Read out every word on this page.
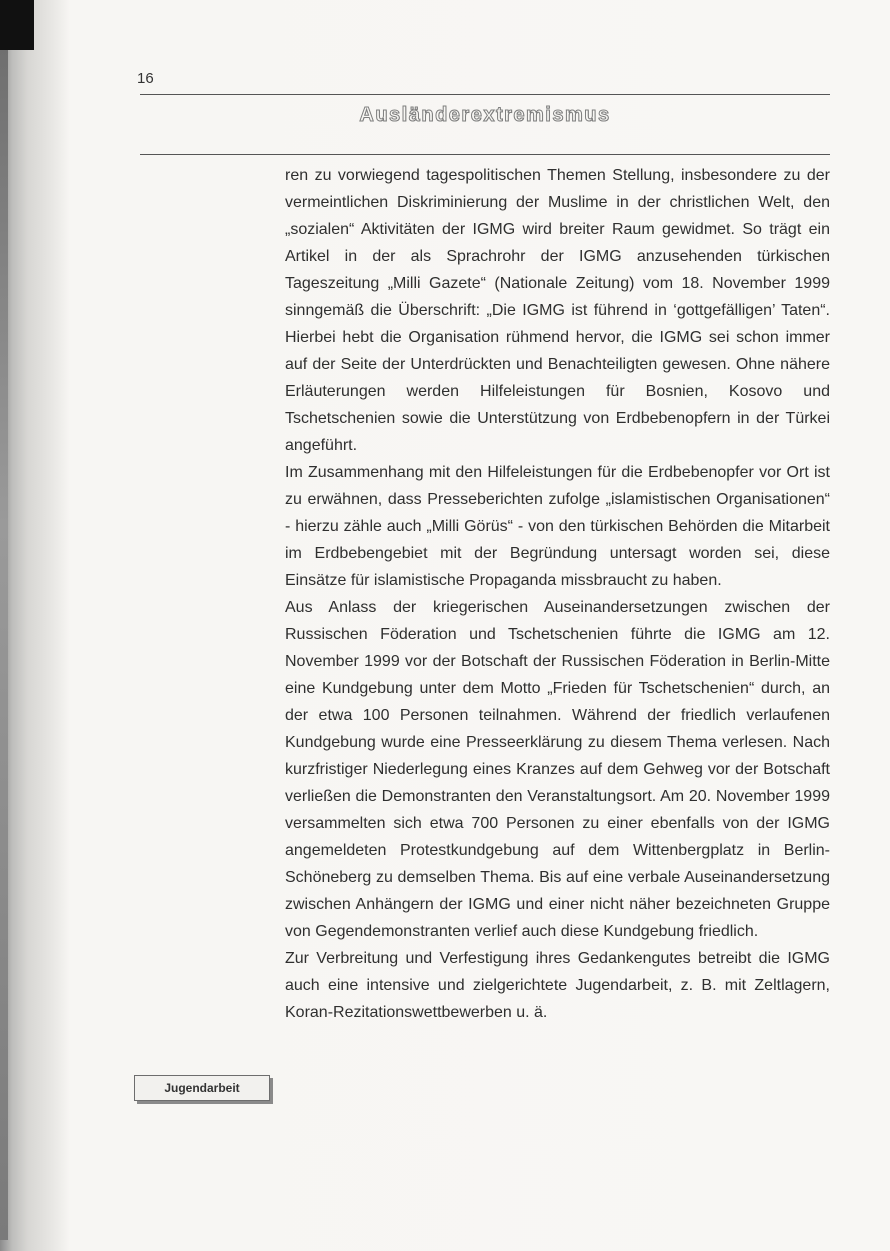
16
Ausländerextremismus

ren zu vorwiegend tagespolitischen Themen Stellung, insbesondere zu der vermeintlichen Diskriminierung der Muslime in der christlichen Welt, den „sozialen“ Aktivitäten der IGMG wird breiter Raum gewidmet. So trägt ein Artikel in der als Sprachrohr der IGMG anzusehenden türkischen Tageszeitung „Milli Gazete“ (Nationale Zeitung) vom 18. November 1999 sinngemäß die Überschrift: „Die IGMG ist führend in ‘gottgefälligen’ Taten“. Hierbei hebt die Organisation rühmend hervor, die IGMG sei schon immer auf der Seite der Unterdrückten und Benachteiligten gewesen. Ohne nähere Erläuterungen werden Hilfeleistungen für Bosnien, Kosovo und Tschetschenien sowie die Unterstützung von Erdbebenopfern in der Türkei angeführt.

Im Zusammenhang mit den Hilfeleistungen für die Erdbebenopfer vor Ort ist zu erwähnen, dass Presseberichten zufolge „islamistischen Organisationen“ - hierzu zähle auch „Milli Görüs“ - von den türkischen Behörden die Mitarbeit im Erdbebengebiet mit der Begründung untersagt worden sei, diese Einsätze für islamistische Propaganda missbraucht zu haben.

Aus Anlass der kriegerischen Auseinandersetzungen zwischen der Russischen Föderation und Tschetschenien führte die IGMG am 12. November 1999 vor der Botschaft der Russischen Föderation in Berlin-Mitte eine Kundgebung unter dem Motto „Frieden für Tschetschenien“ durch, an der etwa 100 Personen teilnahmen. Während der friedlich verlaufenen Kundgebung wurde eine Presseerklärung zu diesem Thema verlesen. Nach kurzfristiger Niederlegung eines Kranzes auf dem Gehweg vor der Botschaft verließen die Demonstranten den Veranstaltungsort. Am 20. November 1999 versammelten sich etwa 700 Personen zu einer ebenfalls von der IGMG angemeldeten Protestkundgebung auf dem Wittenbergplatz in Berlin-Schöneberg zu demselben Thema. Bis auf eine verbale Auseinandersetzung zwischen Anhängern der IGMG und einer nicht näher bezeichneten Gruppe von Gegendemonstranten verlief auch diese Kundgebung friedlich.

Zur Verbreitung und Verfestigung ihres Gedankengutes betreibt die IGMG auch eine intensive und zielgerichtete Jugendarbeit, z. B. mit Zeltlagern, Koran-Rezitationswettbewerben u. ä.

Jugendarbeit
